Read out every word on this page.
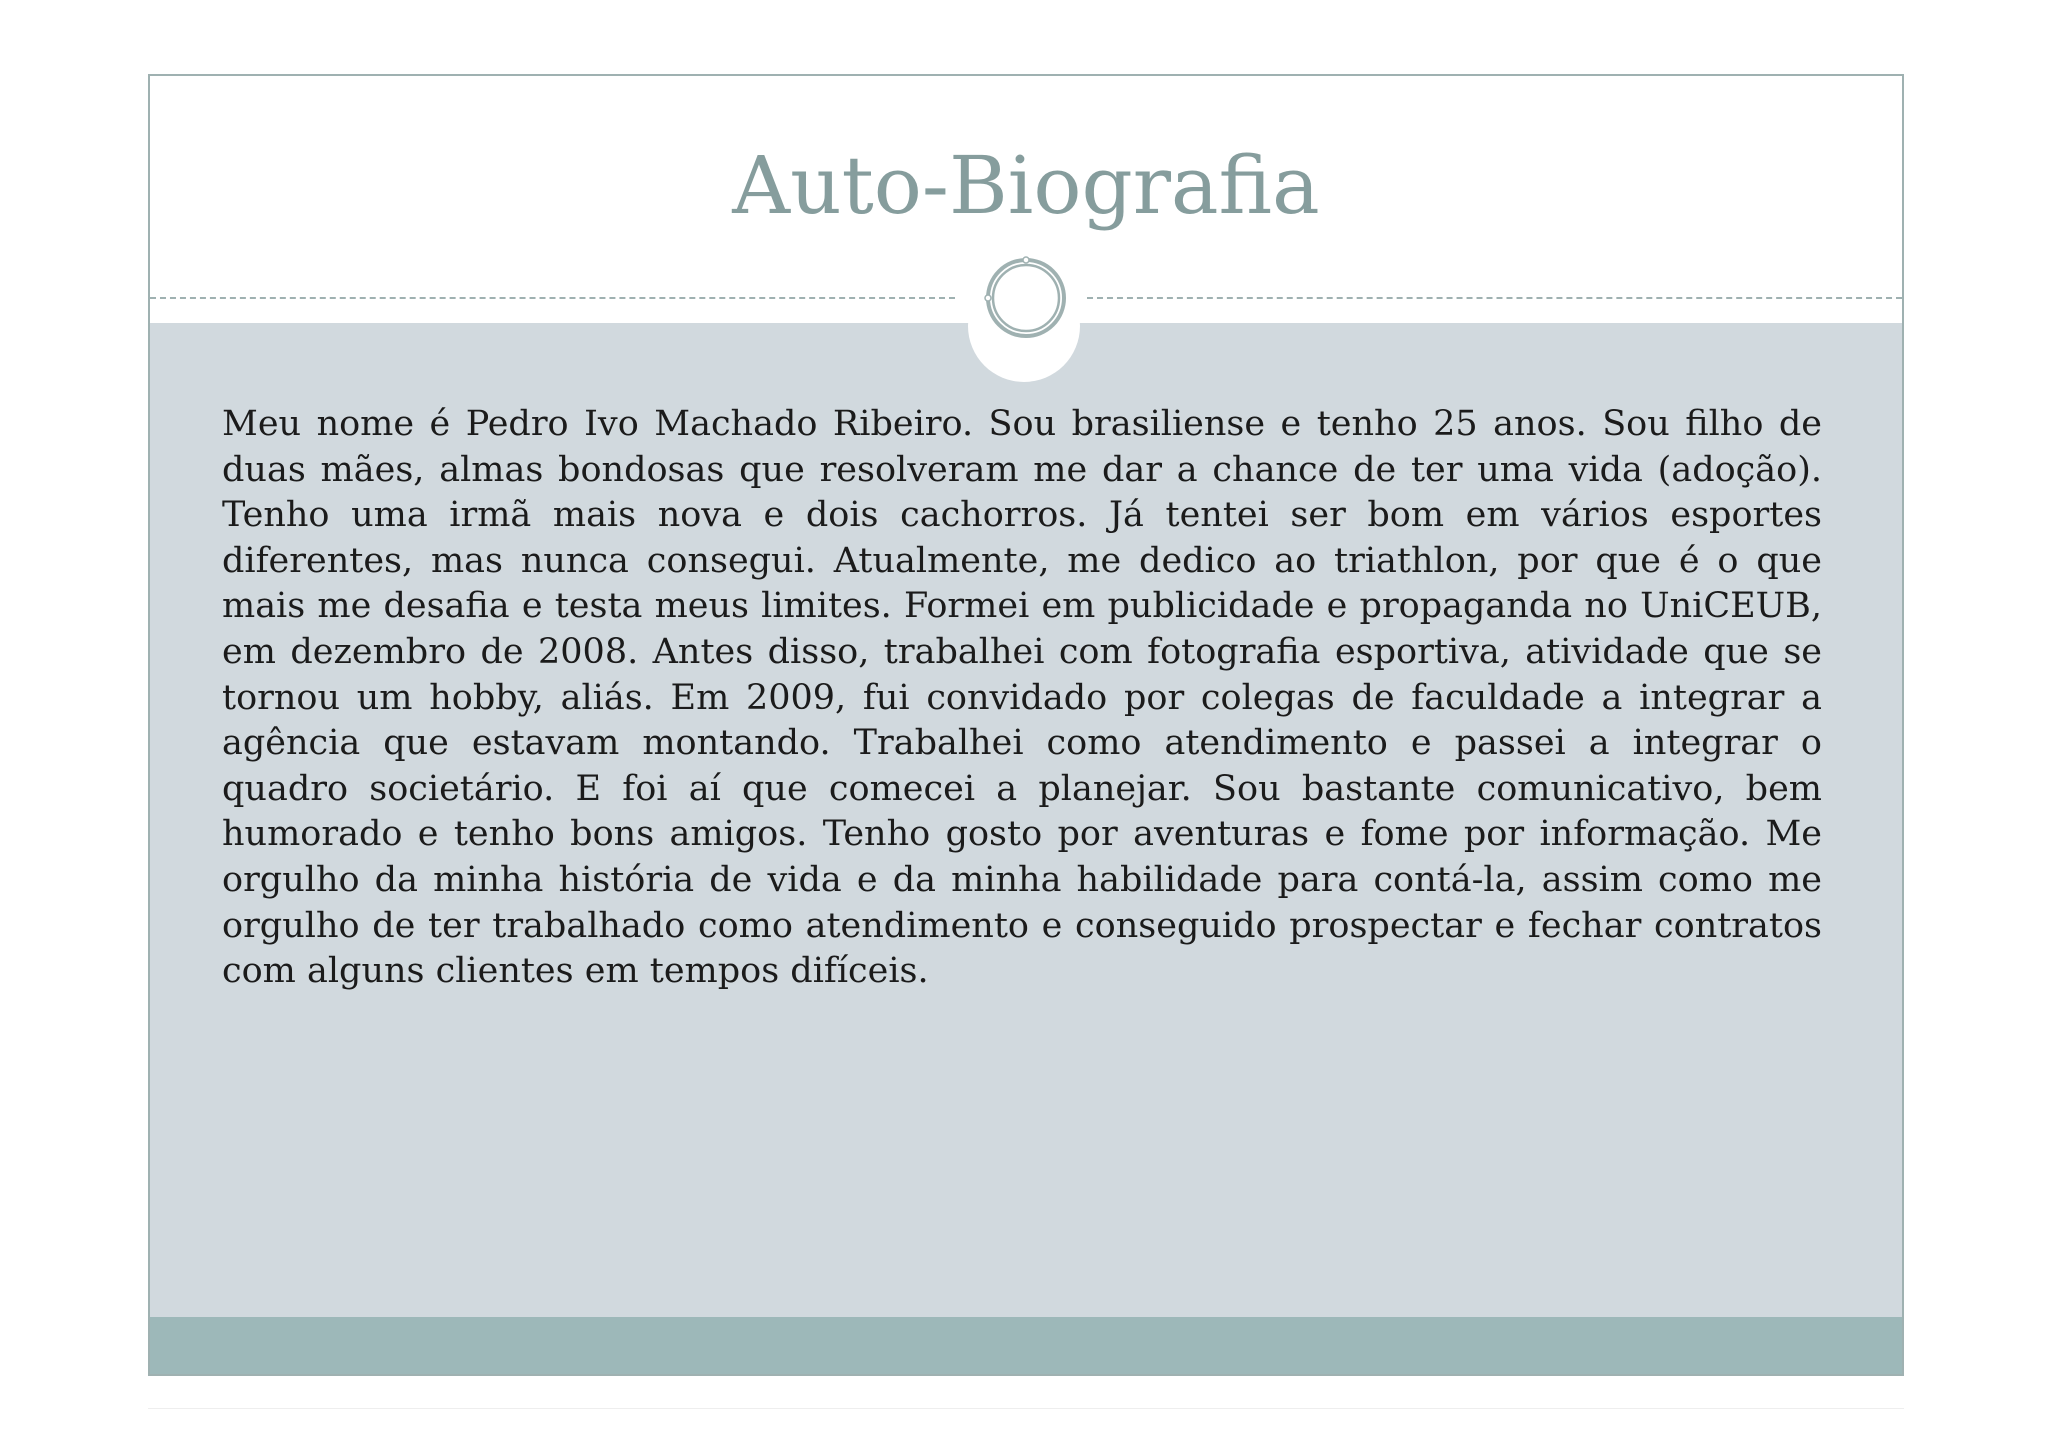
Auto-Biografia

Meu nome é Pedro Ivo Machado Ribeiro. Sou brasiliense e tenho 25 anos. Sou filho de duas mães, almas bondosas que resolveram me dar a chance de ter uma vida (adoção). Tenho uma irmã mais nova e dois cachorros. Já tentei ser bom em vários esportes diferentes, mas nunca consegui. Atualmente, me dedico ao triathlon, por que é o que mais me desafia e testa meus limites. Formei em publicidade e propaganda no UniCEUB, em dezembro de 2008. Antes disso, trabalhei com fotografia esportiva, atividade que se tornou um hobby, aliás. Em 2009, fui convidado por colegas de faculdade a integrar a agência que estavam montando. Trabalhei como atendimento e passei a integrar o quadro societário. E foi aí que comecei a planejar. Sou bastante comunicativo, bem humorado e tenho bons amigos. Tenho gosto por aventuras e fome por informação. Me orgulho da minha história de vida e da minha habilidade para contá-la, assim como me orgulho de ter trabalhado como atendimento e conseguido prospectar e fechar contratos com alguns clientes em tempos difíceis.
